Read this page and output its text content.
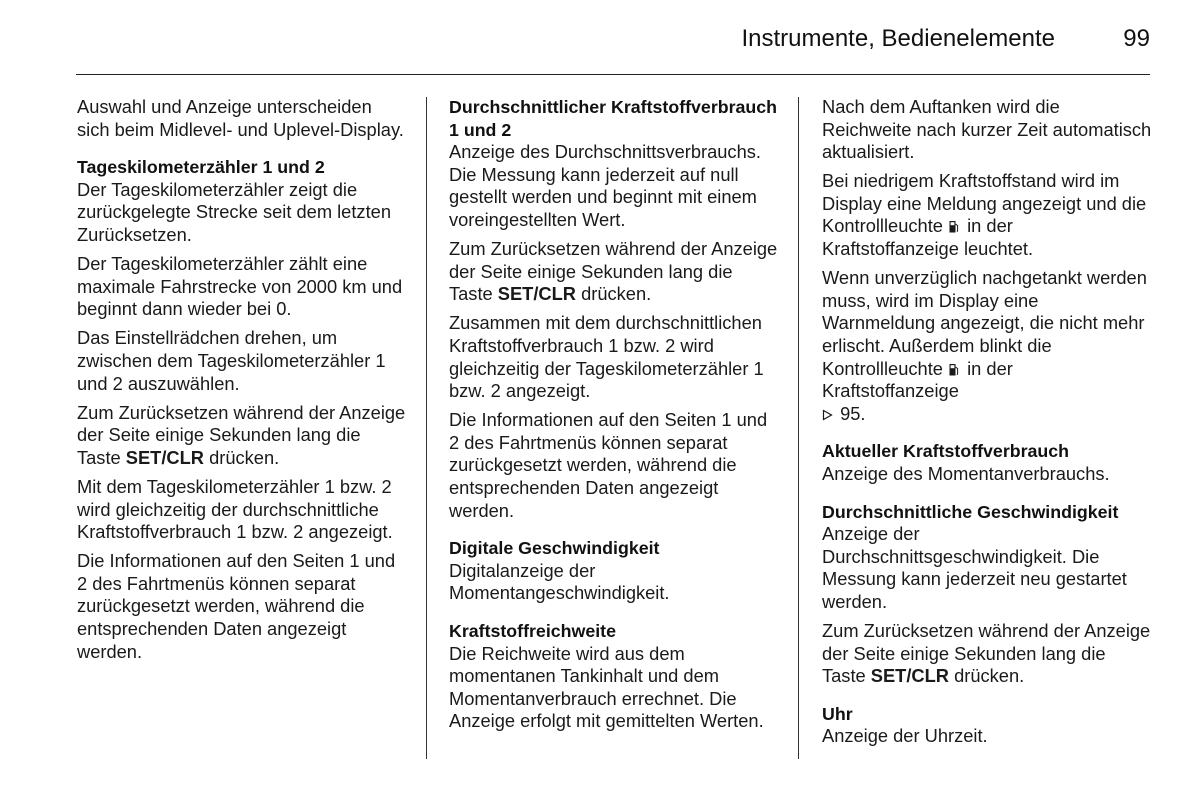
Instrumente, Bedienelemente	99

Auswahl und Anzeige unterscheiden sich beim Midlevel- und Uplevel-Display.

Tageskilometerzähler 1 und 2

Der Tageskilometerzähler zeigt die zurückgelegte Strecke seit dem letzten Zurücksetzen.

Der Tageskilometerzähler zählt eine maximale Fahrstrecke von 2000 km und beginnt dann wieder bei 0.

Das Einstellrädchen drehen, um zwischen dem Tageskilometerzähler 1 und 2 auszuwählen.

Zum Zurücksetzen während der Anzeige der Seite einige Sekunden lang die Taste SET/CLR drücken.

Mit dem Tageskilometerzähler 1 bzw. 2 wird gleichzeitig der durchschnittliche Kraftstoffverbrauch 1 bzw. 2 angezeigt.

Die Informationen auf den Seiten 1 und 2 des Fahrtmenüs können separat zurückgesetzt werden, während die entsprechenden Daten angezeigt werden.

Durchschnittlicher Kraftstoffverbrauch 1 und 2

Anzeige des Durchschnittsverbrauchs. Die Messung kann jederzeit auf null gestellt werden und beginnt mit einem voreingestellten Wert.

Zum Zurücksetzen während der Anzeige der Seite einige Sekunden lang die Taste SET/CLR drücken.

Zusammen mit dem durchschnittlichen Kraftstoffverbrauch 1 bzw. 2 wird gleichzeitig der Tageskilometerzähler 1 bzw. 2 angezeigt.

Die Informationen auf den Seiten 1 und 2 des Fahrtmenüs können separat zurückgesetzt werden, während die entsprechenden Daten angezeigt werden.

Digitale Geschwindigkeit

Digitalanzeige der Momentangeschwindigkeit.

Kraftstoffreichweite

Die Reichweite wird aus dem momentanen Tankinhalt und dem Momentanverbrauch errechnet. Die Anzeige erfolgt mit gemittelten Werten.

Nach dem Auftanken wird die Reichweite nach kurzer Zeit automatisch aktualisiert.

Bei niedrigem Kraftstoffstand wird im Display eine Meldung angezeigt und die Kontrollleuchte  in der Kraftstoffanzeige leuchtet.

Wenn unverzüglich nachgetankt werden muss, wird im Display eine Warnmeldung angezeigt, die nicht mehr erlischt. Außerdem blinkt die Kontrollleuchte  in der Kraftstoffanzeige
95.

Aktueller Kraftstoffverbrauch

Anzeige des Momentanverbrauchs.

Durchschnittliche Geschwindigkeit

Anzeige der Durchschnittsgeschwindigkeit. Die Messung kann jederzeit neu gestartet werden.

Zum Zurücksetzen während der Anzeige der Seite einige Sekunden lang die Taste SET/CLR drücken.

Uhr

Anzeige der Uhrzeit.
